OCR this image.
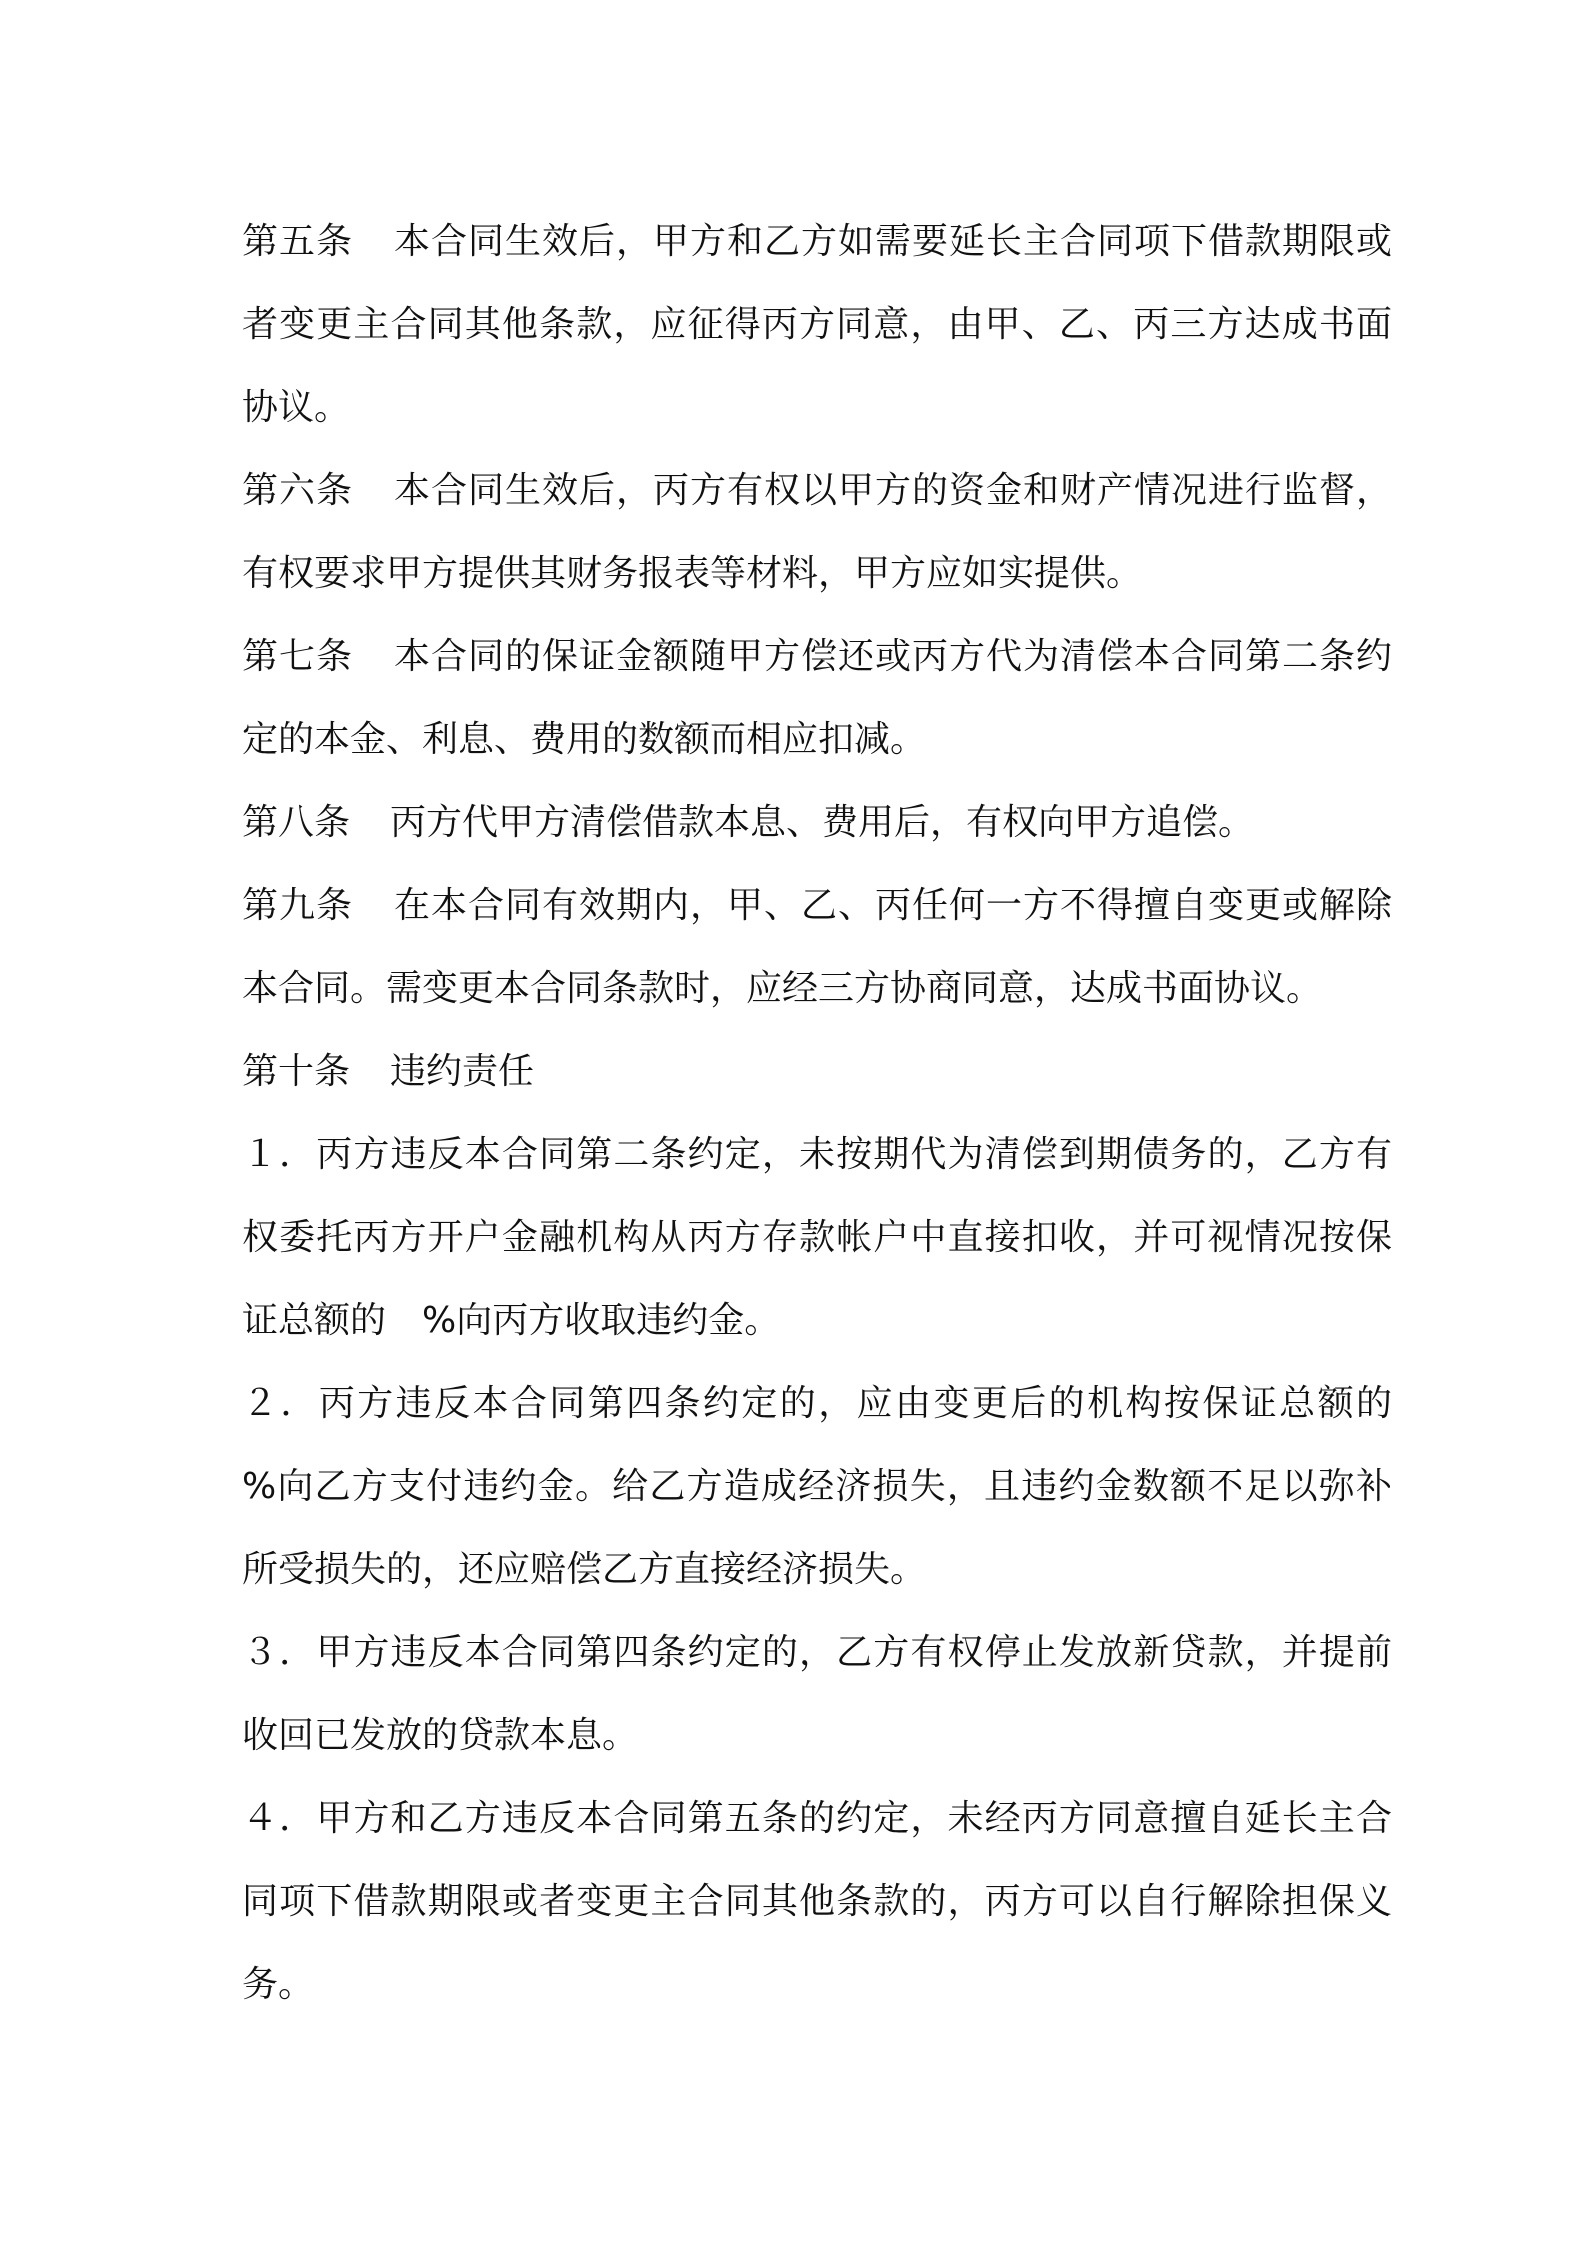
第五条 本合同生效后，甲方和乙方如需要延长主合同项下借款期限或者变更主合同其他条款，应征得丙方同意，由甲、乙、丙三方达成书面协议。

第六条 本合同生效后，丙方有权以甲方的资金和财产情况进行监督，有权要求甲方提供其财务报表等材料，甲方应如实提供。

第七条 本合同的保证金额随甲方偿还或丙方代为清偿本合同第二条约定的本金、利息、费用的数额而相应扣减。

第八条 丙方代甲方清偿借款本息、费用后，有权向甲方追偿。

第九条 在本合同有效期内，甲、乙、丙任何一方不得擅自变更或解除本合同。需变更本合同条款时，应经三方协商同意，达成书面协议。

第十条 违约责任

１．丙方违反本合同第二条约定，未按期代为清偿到期债务的，乙方有权委托丙方开户金融机构从丙方存款帐户中直接扣收，并可视情况按保证总额的　%向丙方收取违约金。

２．丙方违反本合同第四条约定的，应由变更后的机构按保证总额的　%向乙方支付违约金。给乙方造成经济损失，且违约金数额不足以弥补所受损失的，还应赔偿乙方直接经济损失。

３．甲方违反本合同第四条约定的，乙方有权停止发放新贷款，并提前收回已发放的贷款本息。

４．甲方和乙方违反本合同第五条的约定，未经丙方同意擅自延长主合同项下借款期限或者变更主合同其他条款的，丙方可以自行解除担保义务。
